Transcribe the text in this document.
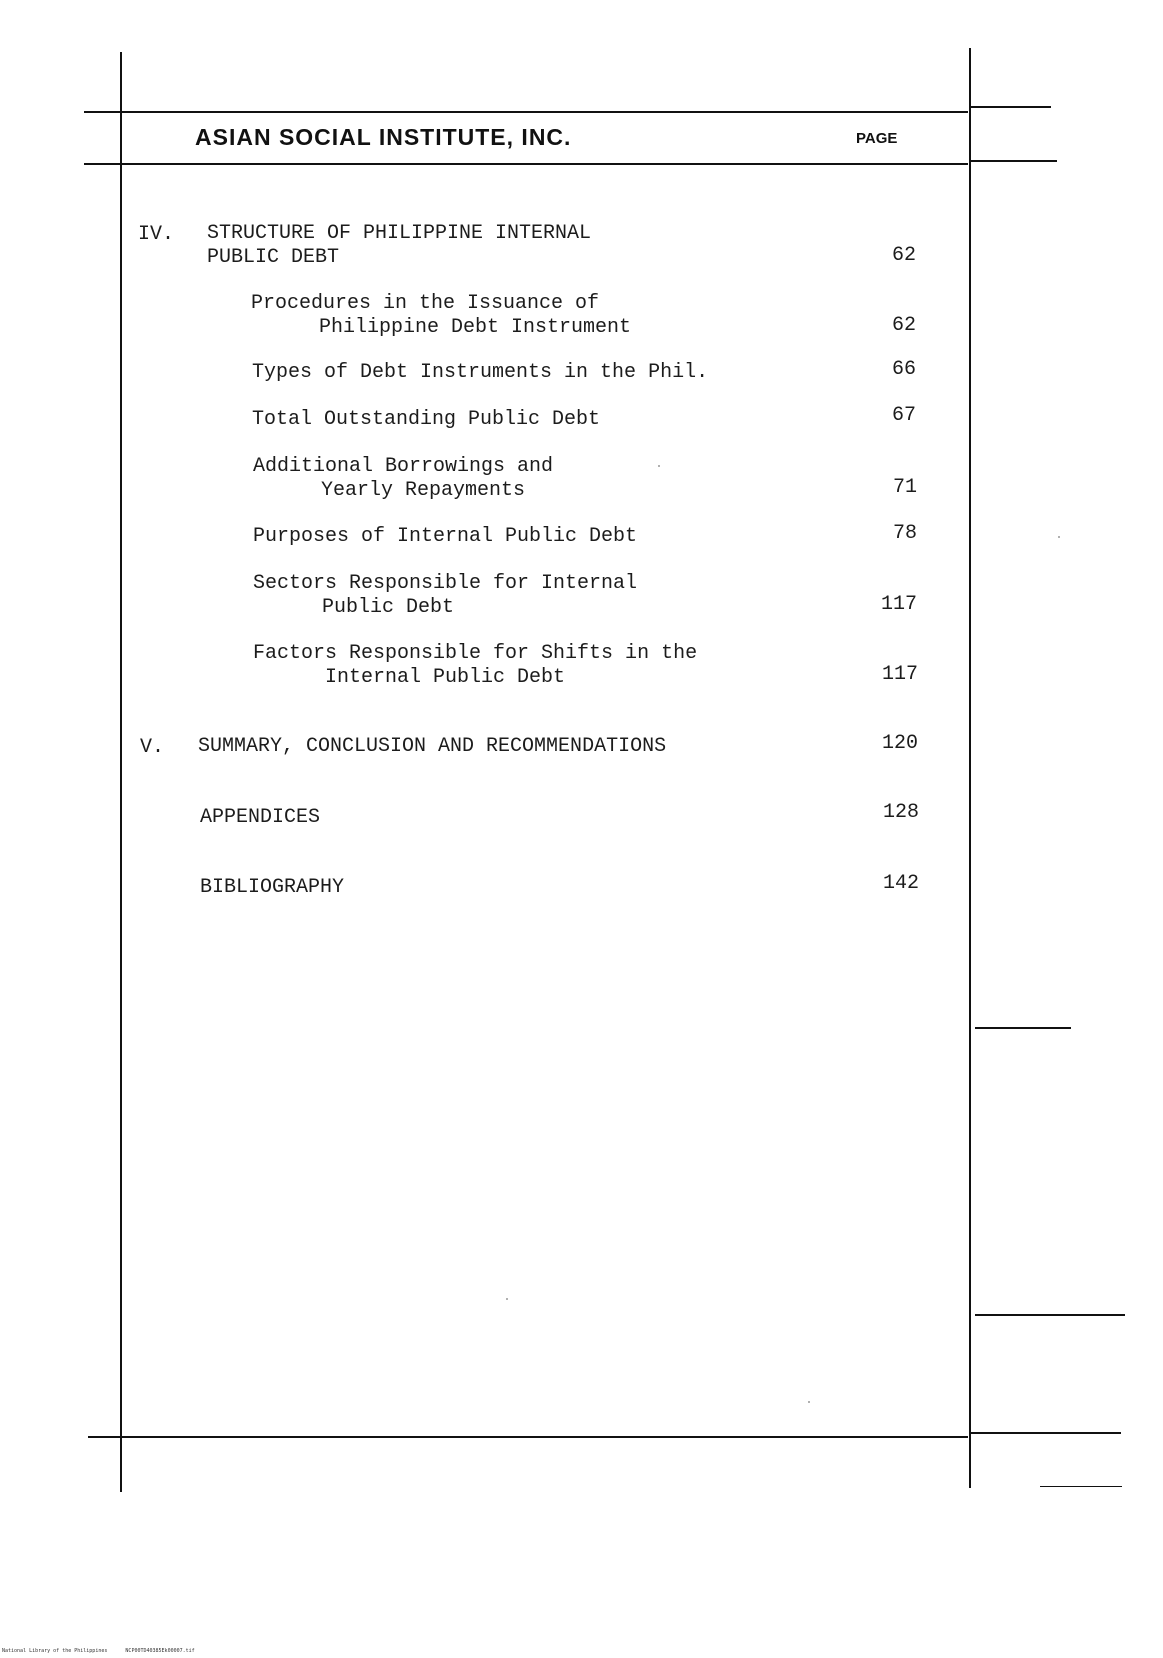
ASIAN SOCIAL INSTITUTE, INC.	PAGE
IV. STRUCTURE OF PHILIPPINE INTERNAL
PUBLIC DEBT	62
Procedures in the Issuance of
Philippine Debt Instrument	62
Types of Debt Instruments in the Phil.	66
Total Outstanding Public Debt	67
Additional Borrowings and
Yearly Repayments	71
Purposes of Internal Public Debt	78
Sectors Responsible for Internal
Public Debt	117
Factors Responsible for Shifts in the
Internal Public Debt	117
V. SUMMARY, CONCLUSION AND RECOMMENDATIONS	120
APPENDICES	128
BIBLIOGRAPHY	142
National Library of the Philippines	NCP00TD40385Ek00007.tif
